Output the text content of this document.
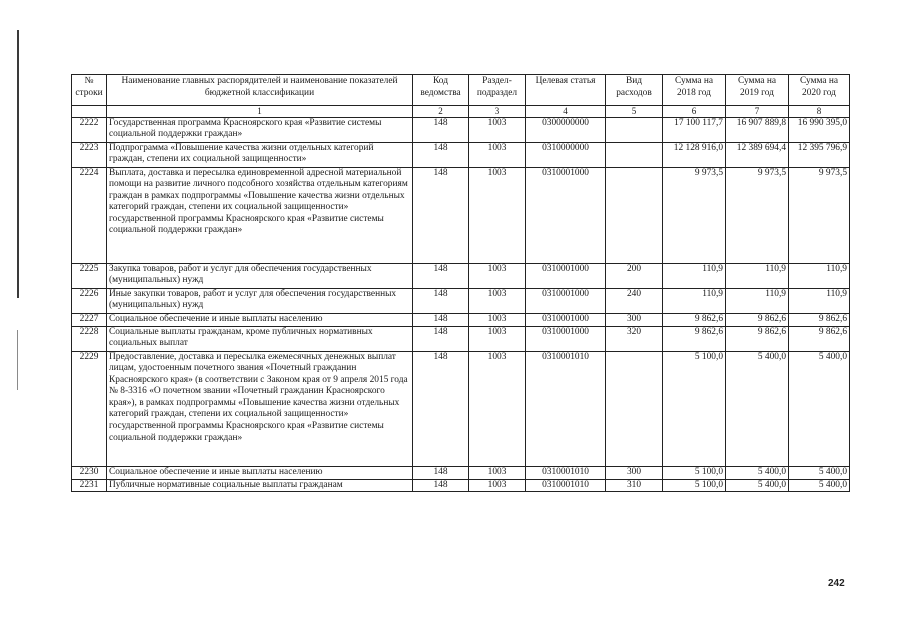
№ строки	Наименование главных распорядителей и наименование показателей бюджетной классификации	Код ведомства	Раздел-подраздел	Целевая статья	Вид расходов	Сумма на 2018 год	Сумма на 2019 год	Сумма на 2020 год
	1	2	3	4	5	6	7	8
2222	Государственная программа Красноярского края «Развитие системы социальной поддержки граждан»	148	1003	0300000000		17 100 117,7	16 907 889,8	16 990 395,0
2223	Подпрограмма «Повышение качества жизни отдельных категорий граждан, степени их социальной защищенности»	148	1003	0310000000		12 128 916,0	12 389 694,4	12 395 796,9
2224	Выплата, доставка и пересылка единовременной адресной материальной помощи на развитие личного подсобного хозяйства отдельным категориям граждан в рамках подпрограммы «Повышение качества жизни отдельных категорий граждан, степени их социальной защищенности» государственной программы Красноярского края «Развитие системы социальной поддержки граждан»	148	1003	0310001000		9 973,5	9 973,5	9 973,5
2225	Закупка товаров, работ и услуг для обеспечения государственных (муниципальных) нужд	148	1003	0310001000	200	110,9	110,9	110,9
2226	Иные закупки товаров, работ и услуг для обеспечения государственных (муниципальных) нужд	148	1003	0310001000	240	110,9	110,9	110,9
2227	Социальное обеспечение и иные выплаты населению	148	1003	0310001000	300	9 862,6	9 862,6	9 862,6
2228	Социальные выплаты гражданам, кроме публичных нормативных социальных выплат	148	1003	0310001000	320	9 862,6	9 862,6	9 862,6
2229	Предоставление, доставка и пересылка ежемесячных денежных выплат лицам, удостоенным почетного звания «Почетный гражданин Красноярского края» (в соответствии с Законом края от 9 апреля 2015 года № 8-3316 «О почетном звании «Почетный гражданин Красноярского края»), в рамках подпрограммы «Повышение качества жизни отдельных категорий граждан, степени их социальной защищенности» государственной программы Красноярского края «Развитие системы социальной поддержки граждан»	148	1003	0310001010		5 100,0	5 400,0	5 400,0
2230	Социальное обеспечение и иные выплаты населению	148	1003	0310001010	300	5 100,0	5 400,0	5 400,0
2231	Публичные нормативные социальные выплаты гражданам	148	1003	0310001010	310	5 100,0	5 400,0	5 400,0
242
